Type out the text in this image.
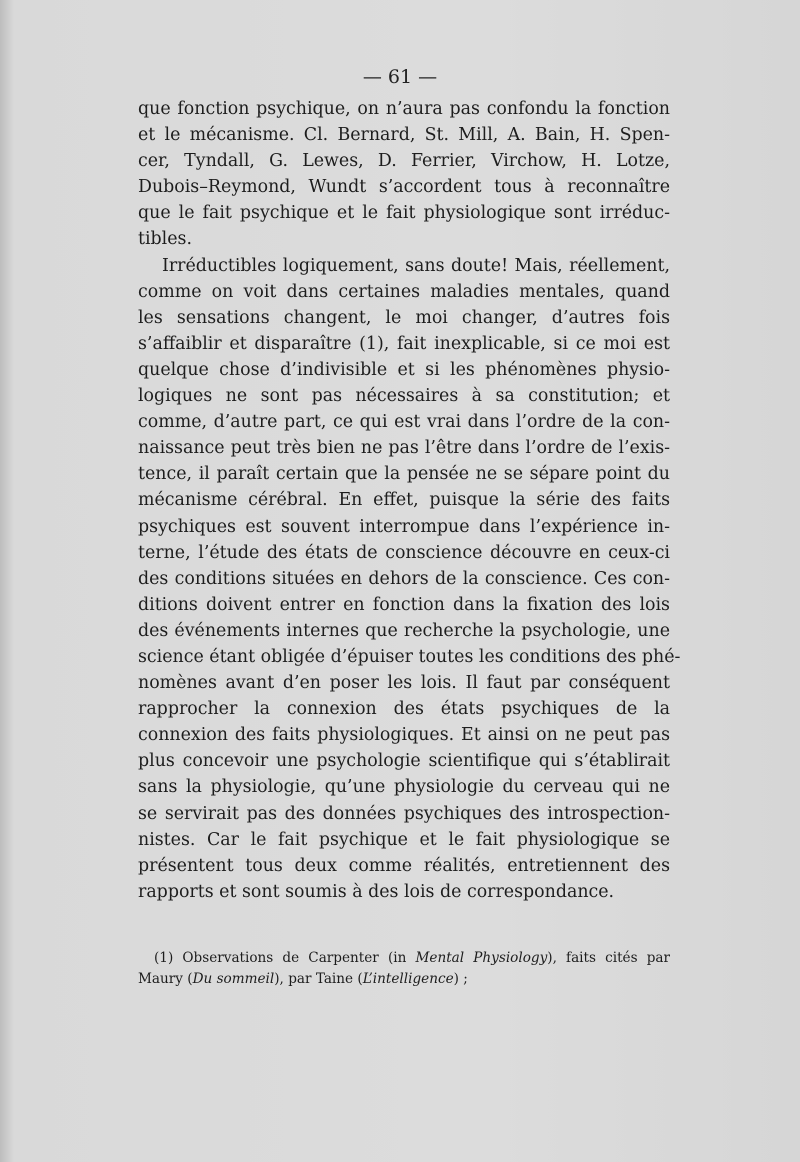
— 61 —
que fonction psychique, on n’aura pas confondu la fonction
et le mécanisme. Cl. Bernard, St. Mill, A. Bain, H. Spen-
cer, Tyndall, G. Lewes, D. Ferrier, Virchow, H. Lotze,
Dubois–Reymond, Wundt s’accordent tous à reconnaître
que le fait psychique et le fait physiologique sont irréduc-
tibles.
Irréductibles logiquement, sans doute! Mais, réellement,
comme on voit dans certaines maladies mentales, quand
les sensations changent, le moi changer, d’autres fois
s’affaiblir et disparaître (1), fait inexplicable, si ce moi est
quelque chose d’indivisible et si les phénomènes physio-
logiques ne sont pas nécessaires à sa constitution; et
comme, d’autre part, ce qui est vrai dans l’ordre de la con-
naissance peut très bien ne pas l’être dans l’ordre de l’exis-
tence, il paraît certain que la pensée ne se sépare point du
mécanisme cérébral. En effet, puisque la série des faits
psychiques est souvent interrompue dans l’expérience in-
terne, l’étude des états de conscience découvre en ceux-ci
des conditions situées en dehors de la conscience. Ces con-
ditions doivent entrer en fonction dans la fixation des lois
des événements internes que recherche la psychologie, une
science étant obligée d’épuiser toutes les conditions des phé-
nomènes avant d’en poser les lois. Il faut par conséquent
rapprocher la connexion des états psychiques de la
connexion des faits physiologiques. Et ainsi on ne peut pas
plus concevoir une psychologie scientifique qui s’établirait
sans la physiologie, qu’une physiologie du cerveau qui ne
se servirait pas des données psychiques des introspection-
nistes. Car le fait psychique et le fait physiologique se
présentent tous deux comme réalités, entretiennent des
rapports et sont soumis à des lois de correspondance.
(1) Observations de Carpenter (in Mental Physiology), faits cités par
Maury (Du sommeil), par Taine (L’intelligence) ;
